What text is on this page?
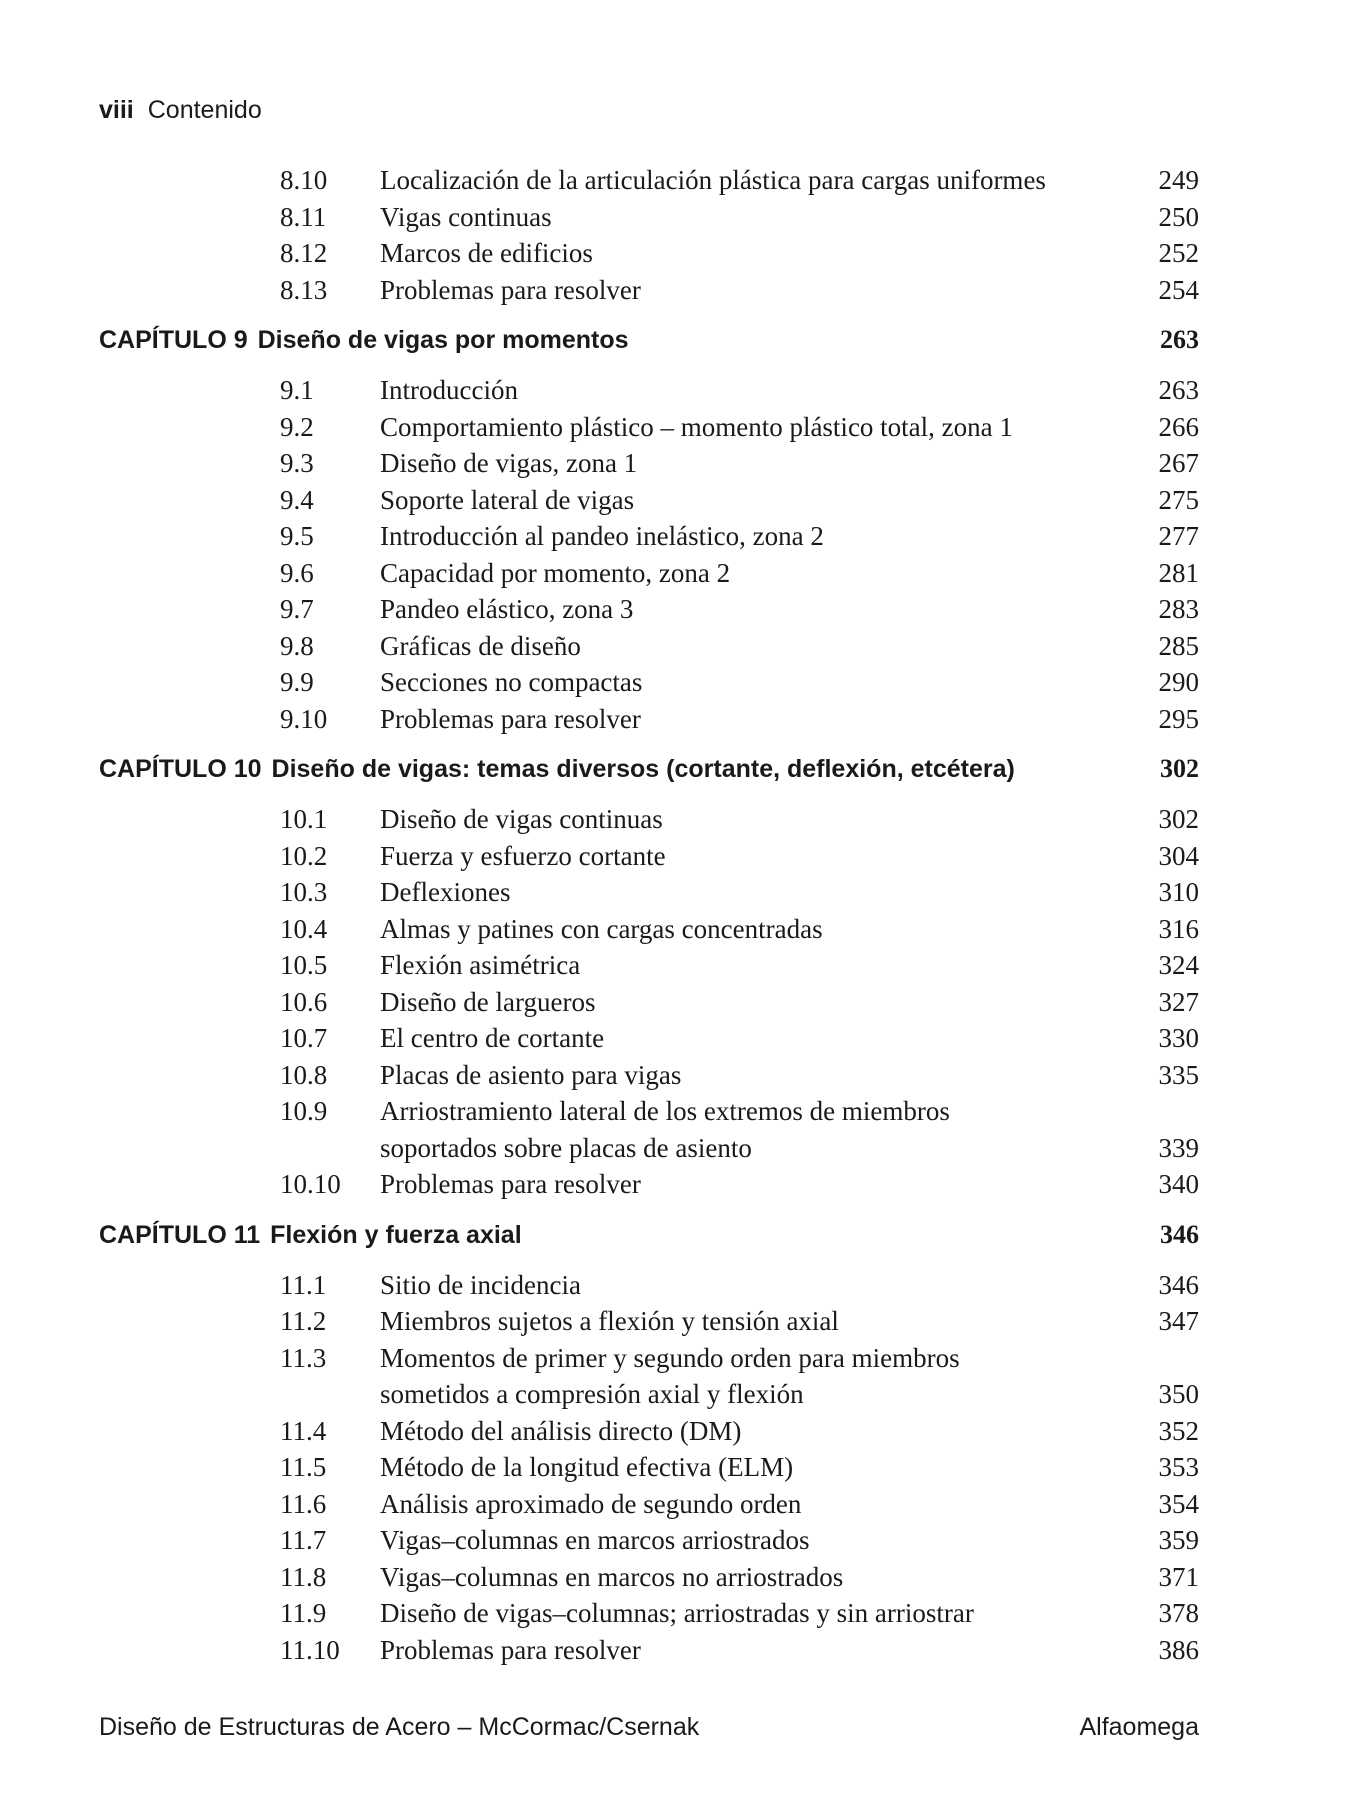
viii Contenido
8.10 Localización de la articulación plástica para cargas uniformes	249
8.11 Vigas continuas	250
8.12 Marcos de edificios	252
8.13 Problemas para resolver	254
CAPÍTULO 9 Diseño de vigas por momentos	263
9.1 Introducción	263
9.2 Comportamiento plástico – momento plástico total, zona 1	266
9.3 Diseño de vigas, zona 1	267
9.4 Soporte lateral de vigas	275
9.5 Introducción al pandeo inelástico, zona 2	277
9.6 Capacidad por momento, zona 2	281
9.7 Pandeo elástico, zona 3	283
9.8 Gráficas de diseño	285
9.9 Secciones no compactas	290
9.10 Problemas para resolver	295
CAPÍTULO 10 Diseño de vigas: temas diversos (cortante, deflexión, etcétera)	302
10.1 Diseño de vigas continuas	302
10.2 Fuerza y esfuerzo cortante	304
10.3 Deflexiones	310
10.4 Almas y patines con cargas concentradas	316
10.5 Flexión asimétrica	324
10.6 Diseño de largueros	327
10.7 El centro de cortante	330
10.8 Placas de asiento para vigas	335
10.9 Arriostramiento lateral de los extremos de miembros
soportados sobre placas de asiento	339
10.10 Problemas para resolver	340
CAPÍTULO 11 Flexión y fuerza axial	346
11.1 Sitio de incidencia	346
11.2 Miembros sujetos a flexión y tensión axial	347
11.3 Momentos de primer y segundo orden para miembros
sometidos a compresión axial y flexión	350
11.4 Método del análisis directo (DM)	352
11.5 Método de la longitud efectiva (ELM)	353
11.6 Análisis aproximado de segundo orden	354
11.7 Vigas–columnas en marcos arriostrados	359
11.8 Vigas–columnas en marcos no arriostrados	371
11.9 Diseño de vigas–columnas; arriostradas y sin arriostrar	378
11.10 Problemas para resolver	386
Diseño de Estructuras de Acero – McCormac/Csernak	Alfaomega
